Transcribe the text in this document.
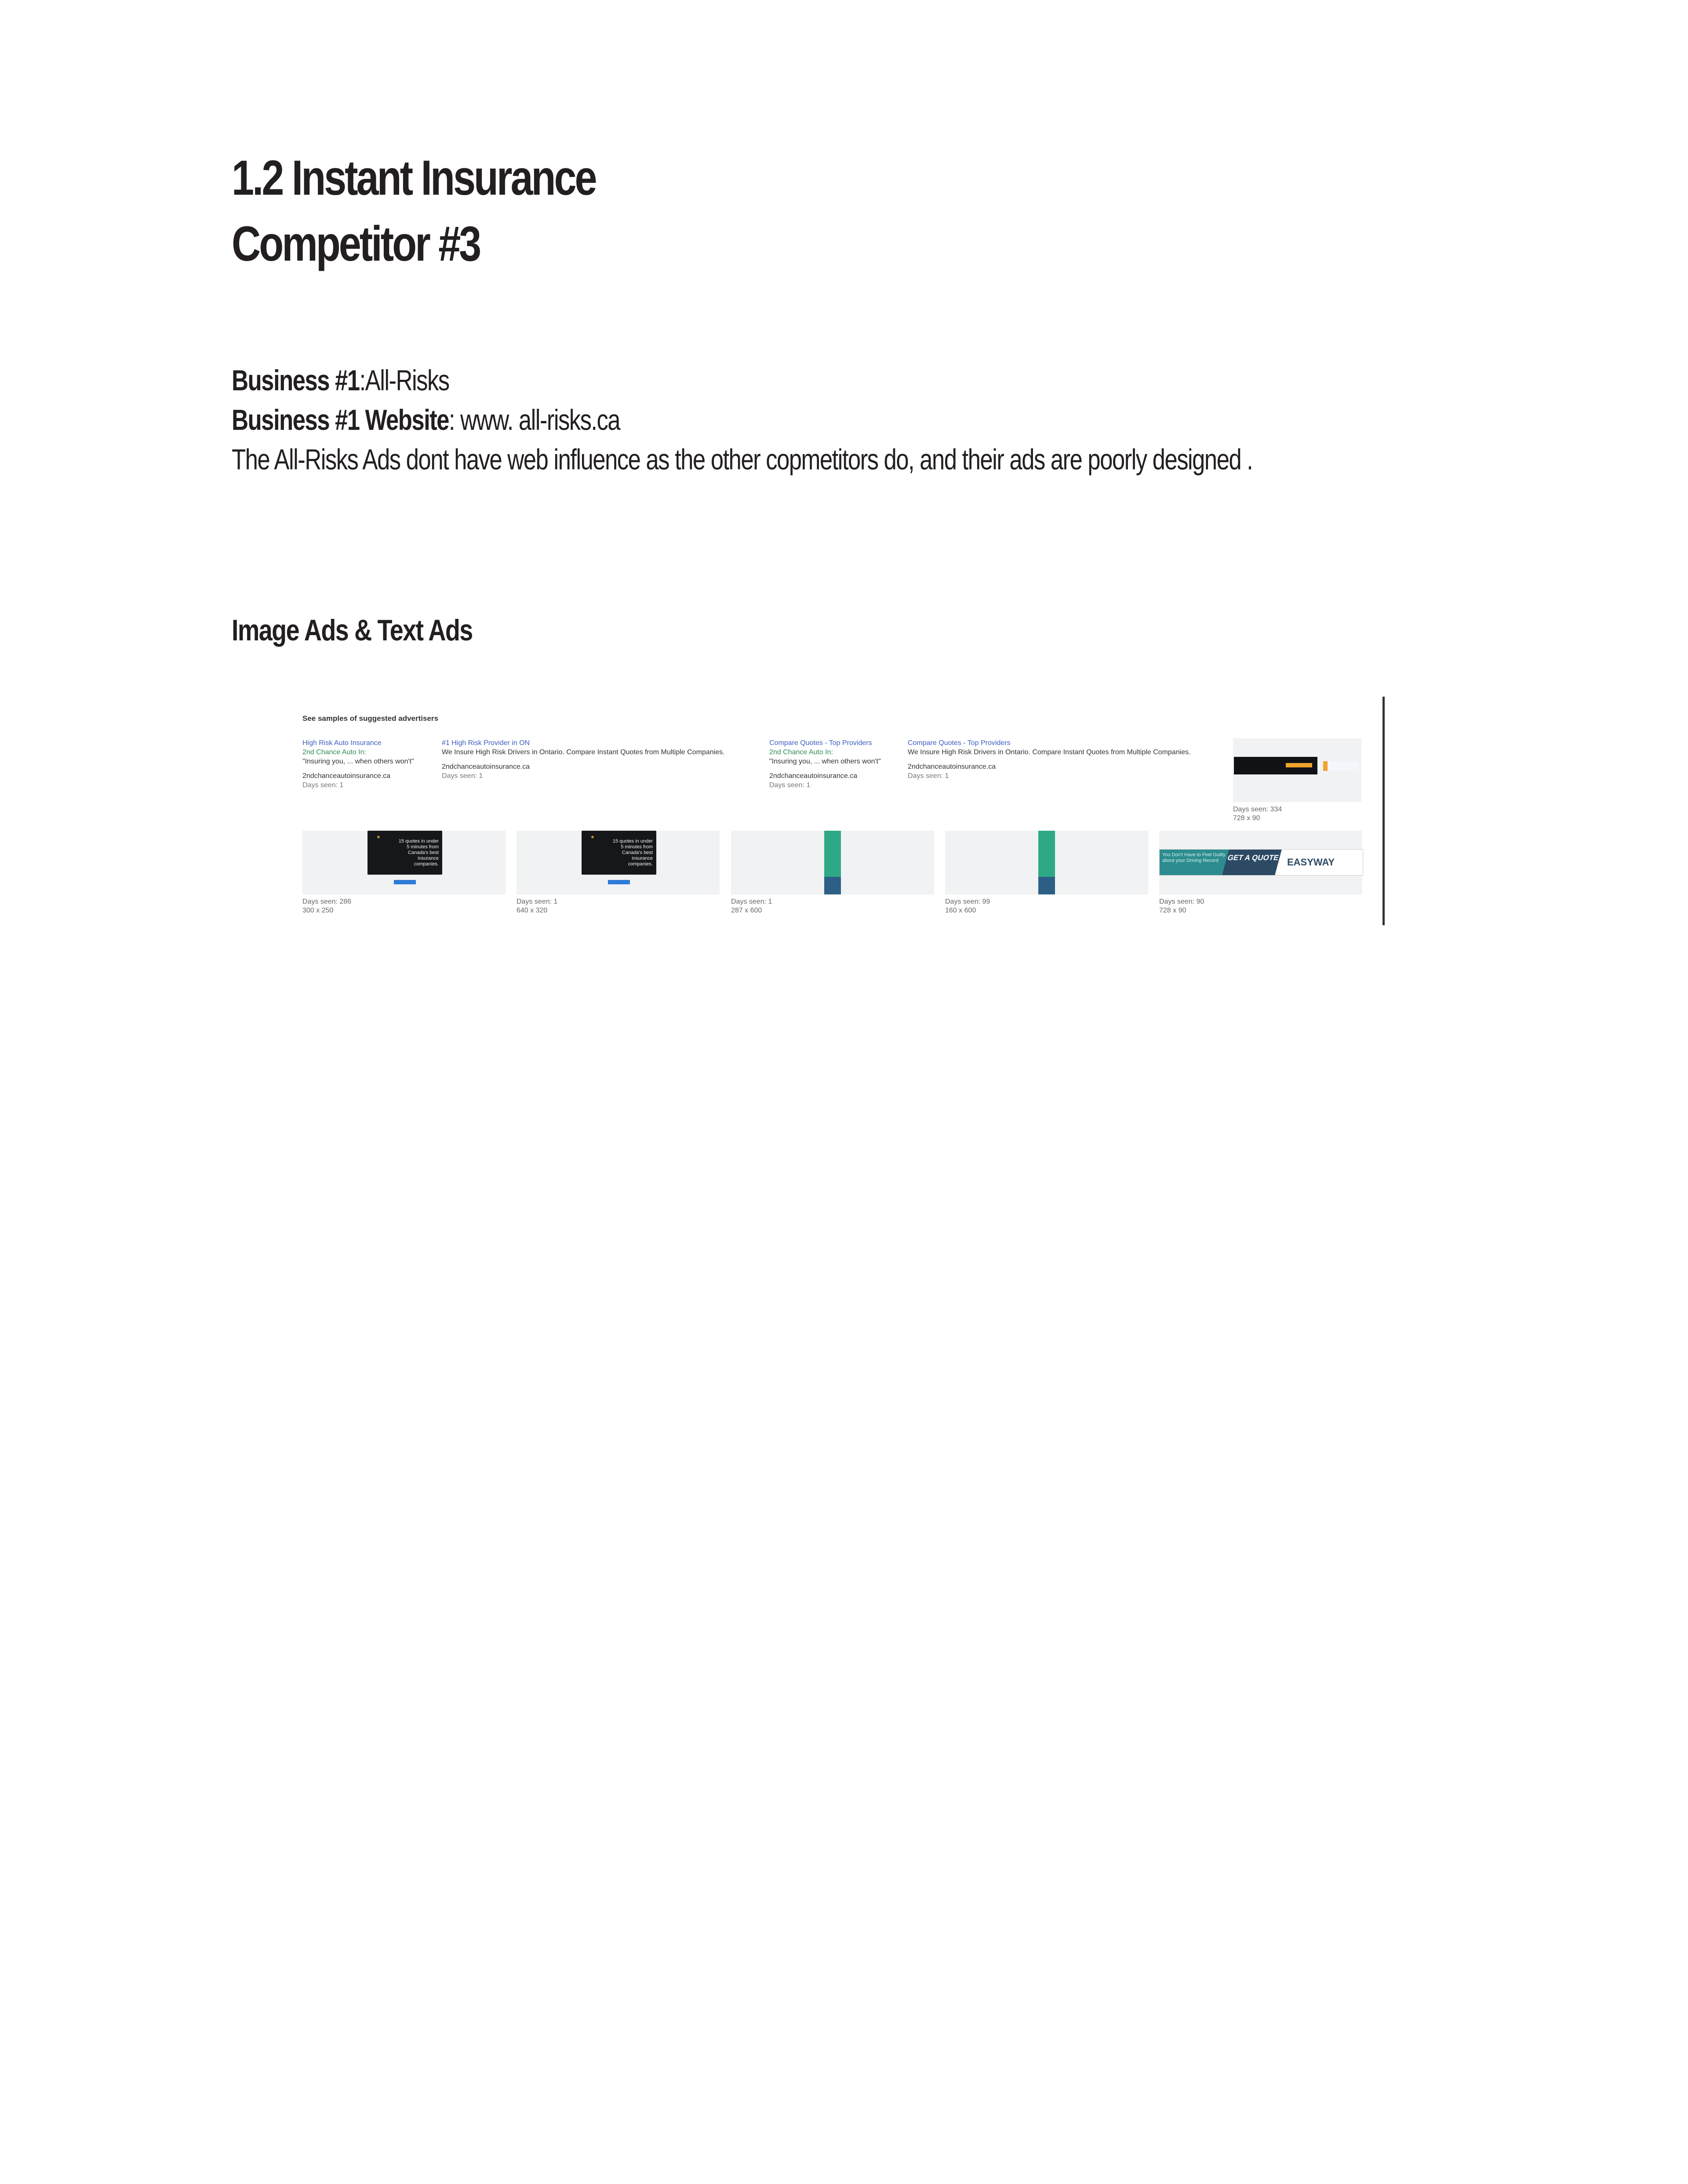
1.2 Instant Insurance
Competitor #3
Business #1:All-Risks
Business #1 Website: www. all-risks.ca
The All-Risks Ads dont have web influence as the other copmetitors do, and their ads are poorly designed .
Image Ads & Text Ads
See samples of suggested advertisers
High Risk Auto Insurance
2nd Chance Auto In:
"Insuring you, ... when others won't"
2ndchanceautoinsurance.ca
Days seen: 1
#1 High Risk Provider in ON
We Insure High Risk Drivers in Ontario. Compare Instant Quotes from Multiple Companies.
2ndchanceautoinsurance.ca
Days seen: 1
Compare Quotes - Top Providers
2nd Chance Auto In:
"Insuring you, ... when others won't"
2ndchanceautoinsurance.ca
Days seen: 1
Compare Quotes - Top Providers
We Insure High Risk Drivers in Ontario. Compare Instant Quotes from Multiple Companies.
2ndchanceautoinsurance.ca
Days seen: 1
Days seen: 334
728 x 90
★
15 quotes in under 5 minutes from Canada's best insurance companies.
Days seen: 286
300 x 250
★
15 quotes in under 5 minutes from Canada's best insurance companies.
Days seen: 1
640 x 320
Days seen: 1
287 x 600
Days seen: 99
160 x 600
You Don't Have to Feel Guilty about your Driving Record	GET A QUOTE EASYWAY
Days seen: 90
728 x 90
